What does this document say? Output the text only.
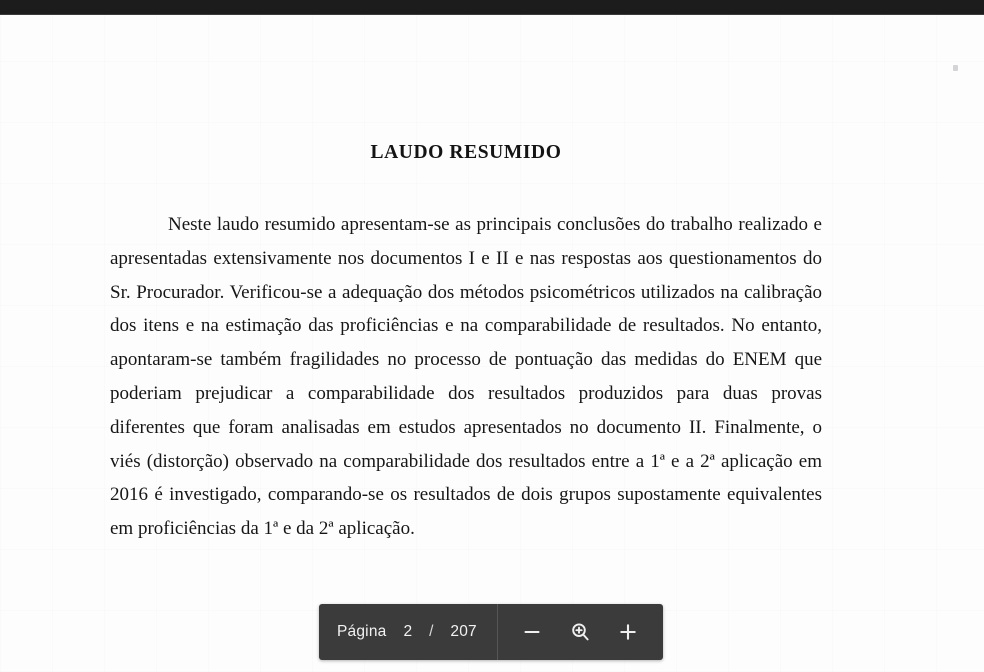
LAUDO RESUMIDO
Neste laudo resumido apresentam-se as principais conclusões do trabalho realizado e apresentadas extensivamente nos documentos I e II e nas respostas aos questionamentos do Sr. Procurador. Verificou-se a adequação dos métodos psicométricos utilizados na calibração dos itens e na estimação das proficiências e na comparabilidade de resultados. No entanto, apontaram-se também fragilidades no processo de pontuação das medidas do ENEM que poderiam prejudicar a comparabilidade dos resultados produzidos para duas provas diferentes que foram analisadas em estudos apresentados no documento II. Finalmente, o viés (distorção) observado na comparabilidade dos resultados entre a 1ª e a 2ª aplicação em 2016 é investigado, comparando-se os resultados de dois grupos supostamente equivalentes em proficiências da 1ª e da 2ª aplicação.
Página 2 / 207
